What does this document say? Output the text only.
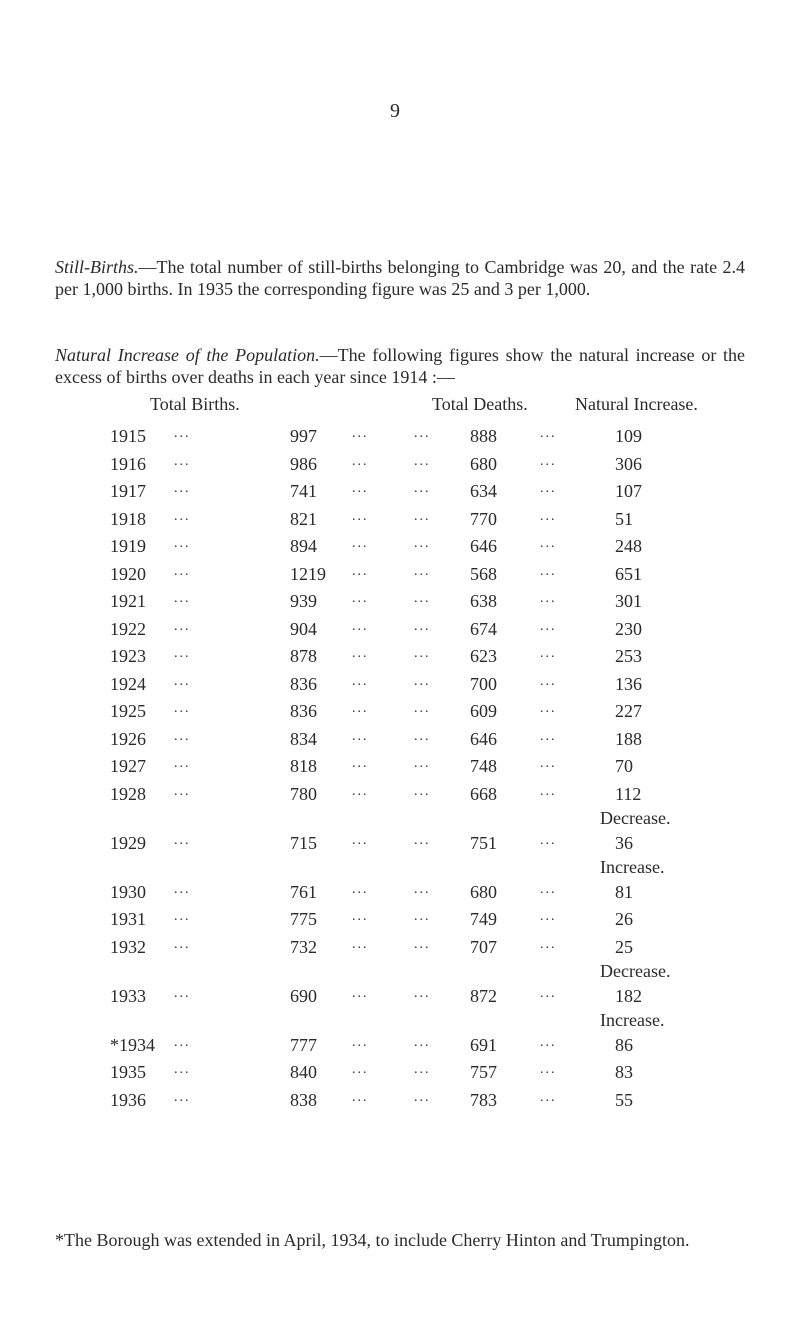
9

Still-Births.—The total number of still-births belonging to Cambridge was 20, and the rate 2.4 per 1,000 births. In 1935 the corresponding figure was 25 and 3 per 1,000.

Natural Increase of the Population.—The following figures show the natural increase or the excess of births over deaths in each year since 1914 :—

Total Births.	Total Deaths.	Natural Increase.
1915 ...	997	...	... 888	...	109
1916 ...	986	...	... 680	...	306
1917 ...	741	...	... 634	...	107
1918 ...	821	...	... 770	...	51
1919 ...	894	...	... 646	...	248
1920 ...	1219 ...	... 568	...	651
1921 ...	939	...	... 638	...	301
1922 ...	904	...	... 674	...	230
1923 ...	878	...	... 623	...	253
1924 ...	836	...	... 700	...	136
1925 ...	836	...	... 609	...	227
1926 ...	834	...	... 646	...	188
1927 ...	818	...	... 748	...	70
1928 ...	780	...	... 668	...	112
Decrease.
1929 ...	715	...	... 751	...	36
Increase.
1930 ...	761	...	... 680	...	81
1931 ...	775	...	... 749	...	26
1932 ...	732	...	... 707	...	25
Decrease.
1933 ...	690	...	... 872	...	182
Increase.
*1934 ...	777	...	... 691	...	86
1935 ...	840	...	... 757	...	83
1936 ...	838	...	... 783	...	55
*The Borough was extended in April, 1934, to include Cherry Hinton and Trumpington.
